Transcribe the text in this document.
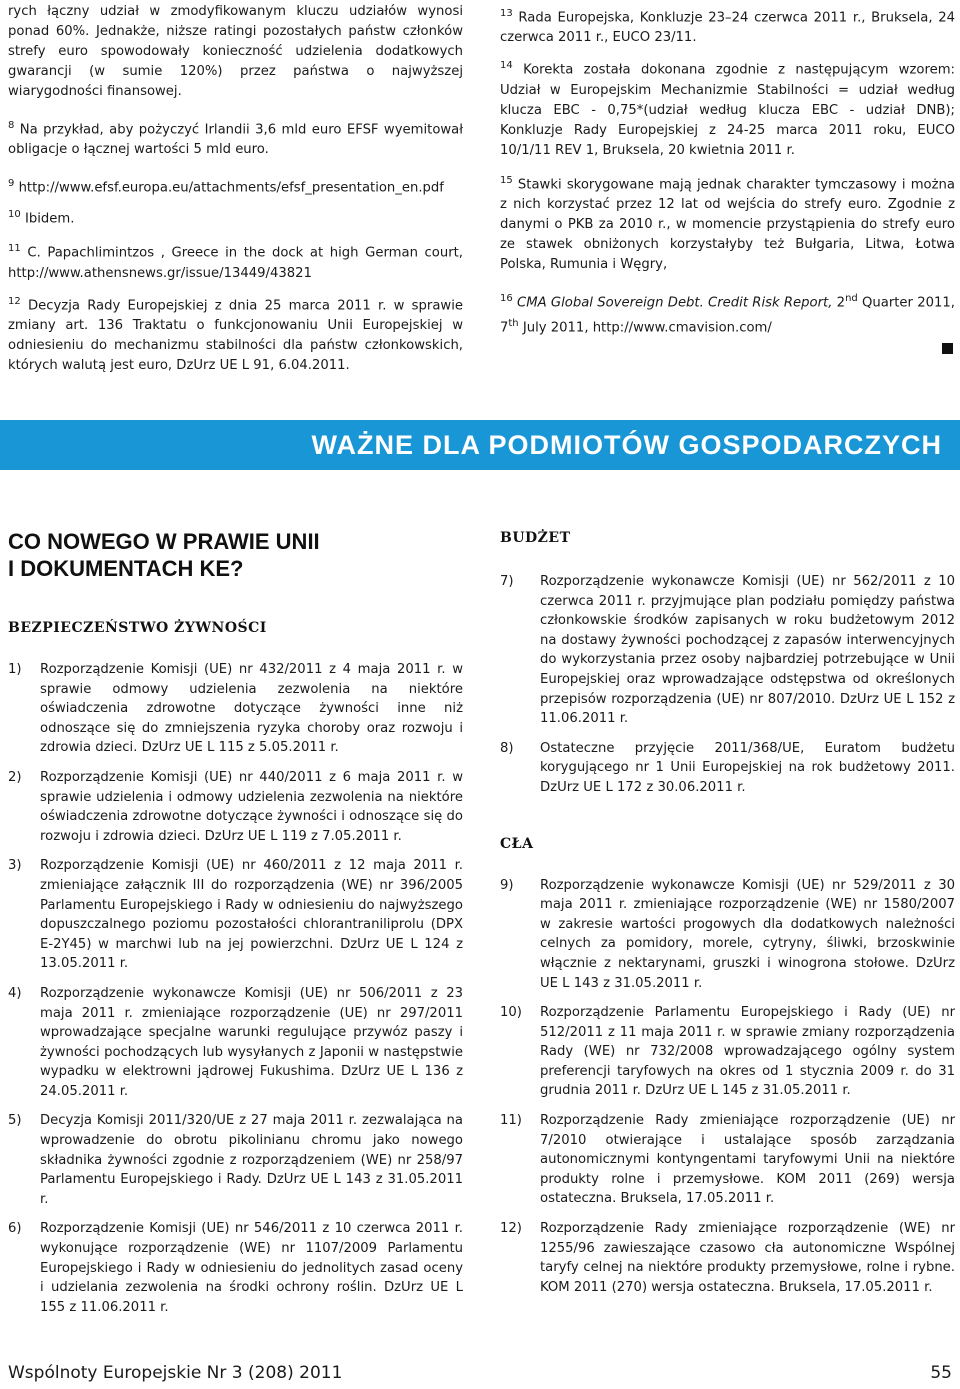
rych łączny udział w zmodyfikowanym kluczu udziałów wynosi ponad 60%. Jednakże, niższe ratingi pozostałych państw członków strefy euro spowodowały konieczność udzielenia dodatkowych gwarancji (w sumie 120%) przez państwa o najwyższej wiarygodności finansowej.

$^8$ Na przykład, aby pożyczyć Irlandii 3,6 mld euro EFSF wyemitował obligacje o łącznej wartości 5 mld euro.
$^9$ http://www.efsf.europa.eu/attachments/efsf_presentation_en.pdf
$^{10}$ Ibidem.
$^{11}$ C. Papachlimintzos , Greece in the dock at high German court, http://www.athensnews.gr/issue/13449/43821
$^{12}$ Decyzja Rady Europejskiej z dnia 25 marca 2011 r. w sprawie zmiany art. 136 Traktatu o funkcjonowaniu Unii Europejskiej w odniesieniu do mechanizmu stabilności dla państw członkowskich, których walutą jest euro, DzUrz UE L 91, 6.04.2011.
$^{13}$ Rada Europejska, Konkluzje 23–24 czerwca 2011 r., Bruksela, 24 czerwca 2011 r., EUCO 23/11.
$^{14}$ Korekta została dokonana zgodnie z następującym wzorem: Udział w Europejskim Mechanizmie Stabilności = udział według klucza EBC - 0,75*(udział według klucza EBC - udział DNB); Konkluzje Rady Europejskiej z 24-25 marca 2011 roku, EUCO 10/1/11 REV 1, Bruksela, 20 kwietnia 2011 r.
$^{15}$ Stawki skorygowane mają jednak charakter tymczasowy i można z nich korzystać przez 12 lat od wejścia do strefy euro. Zgodnie z danymi o PKB za 2010 r., w momencie przystąpienia do strefy euro ze stawek obniżonych korzystałyby też Bułgaria, Litwa, Łotwa Polska, Rumunia i Węgry,
$^{16}$ CMA Global Sovereign Debt. Credit Risk Report, 2nd Quarter 2011, 7th July 2011, http://www.cmavision.com/
WAŻNE DLA PODMIOTÓW GOSPODARCZYCH
CO NOWEGO W PRAWIE UNII
I DOKUMENTACH KE?
BEZPIECZEŃSTWO ŻYWNOŚCI
1)	Rozporządzenie Komisji (UE) nr 432/2011 z 4 maja 2011 r. w sprawie odmowy udzielenia zezwolenia na niektóre oświadczenia zdrowotne dotyczące żywności inne niż odnoszące się do zmniejszenia ryzyka choroby oraz rozwoju i zdrowia dzieci. DzUrz UE L 115 z 5.05.2011 r.
2)	Rozporządzenie Komisji (UE) nr 440/2011 z 6 maja 2011 r. w sprawie udzielenia i odmowy udzielenia zezwolenia na niektóre oświadczenia zdrowotne dotyczące żywności i odnoszące się do rozwoju i zdrowia dzieci. DzUrz UE L 119 z 7.05.2011 r.
3)	Rozporządzenie Komisji (UE) nr 460/2011 z 12 maja 2011 r. zmieniające załącznik III do rozporządzenia (WE) nr 396/2005 Parlamentu Europejskiego i Rady w odniesieniu do najwyższego dopuszczalnego poziomu pozostałości chlorantraniliprolu (DPX E-2Y45) w marchwi lub na jej powierzchni. DzUrz UE L 124 z 13.05.2011 r.
4)	Rozporządzenie wykonawcze Komisji (UE) nr 506/2011 z 23 maja 2011 r. zmieniające rozporządzenie (UE) nr 297/2011 wprowadzające specjalne warunki regulujące przywóz paszy i żywności pochodzących lub wysyłanych z Japonii w następstwie wypadku w elektrowni jądrowej Fukushima. DzUrz UE L 136 z 24.05.2011 r.
5)	Decyzja Komisji 2011/320/UE z 27 maja 2011 r. zezwalająca na wprowadzenie do obrotu pikolinianu chromu jako nowego składnika żywności zgodnie z rozporządzeniem (WE) nr 258/97 Parlamentu Europejskiego i Rady. DzUrz UE L 143 z 31.05.2011 r.
6)	Rozporządzenie Komisji (UE) nr 546/2011 z 10 czerwca 2011 r. wykonujące rozporządzenie (WE) nr 1107/2009 Parlamentu Europejskiego i Rady w odniesieniu do jednolitych zasad oceny i udzielania zezwolenia na środki ochrony roślin. DzUrz UE L 155 z 11.06.2011 r.
BUDŻET
7)	Rozporządzenie wykonawcze Komisji (UE) nr 562/2011 z 10 czerwca 2011 r. przyjmujące plan podziału pomiędzy państwa członkowskie środków zapisanych w roku budżetowym 2012 na dostawy żywności pochodzącej z zapasów interwencyjnych do wykorzystania przez osoby najbardziej potrzebujące w Unii Europejskiej oraz wprowadzające odstępstwa od określonych przepisów rozporządzenia (UE) nr 807/2010. DzUrz UE L 152 z 11.06.2011 r.
8)	Ostateczne przyjęcie 2011/368/UE, Euratom budżetu korygującego nr 1 Unii Europejskiej na rok budżetowy 2011. DzUrz UE L 172 z 30.06.2011 r.
CŁA
9)	Rozporządzenie wykonawcze Komisji (UE) nr 529/2011 z 30 maja 2011 r. zmieniające rozporządzenie (WE) nr 1580/2007 w zakresie wartości progowych dla dodatkowych należności celnych za pomidory, morele, cytryny, śliwki, brzoskwinie włącznie z nektarynami, gruszki i winogrona stołowe. DzUrz UE L 143 z 31.05.2011 r.
10)	Rozporządzenie Parlamentu Europejskiego i Rady (UE) nr 512/2011 z 11 maja 2011 r. w sprawie zmiany rozporządzenia Rady (WE) nr 732/2008 wprowadzającego ogólny system preferencji taryfowych na okres od 1 stycznia 2009 r. do 31 grudnia 2011 r. DzUrz UE L 145 z 31.05.2011 r.
11)	Rozporządzenie Rady zmieniające rozporządzenie (UE) nr 7/2010 otwierające i ustalające sposób zarządzania autonomicznymi kontyngentami taryfowymi Unii na niektóre produkty rolne i przemysłowe. KOM 2011 (269) wersja ostateczna. Bruksela, 17.05.2011 r.
12)	Rozporządzenie Rady zmieniające rozporządzenie (WE) nr 1255/96 zawieszające czasowo cła autonomiczne Wspólnej taryfy celnej na niektóre produkty przemysłowe, rolne i rybne. KOM 2011 (270) wersja ostateczna. Bruksela, 17.05.2011 r.
Wspólnoty Europejskie Nr 3 (208) 2011	55
